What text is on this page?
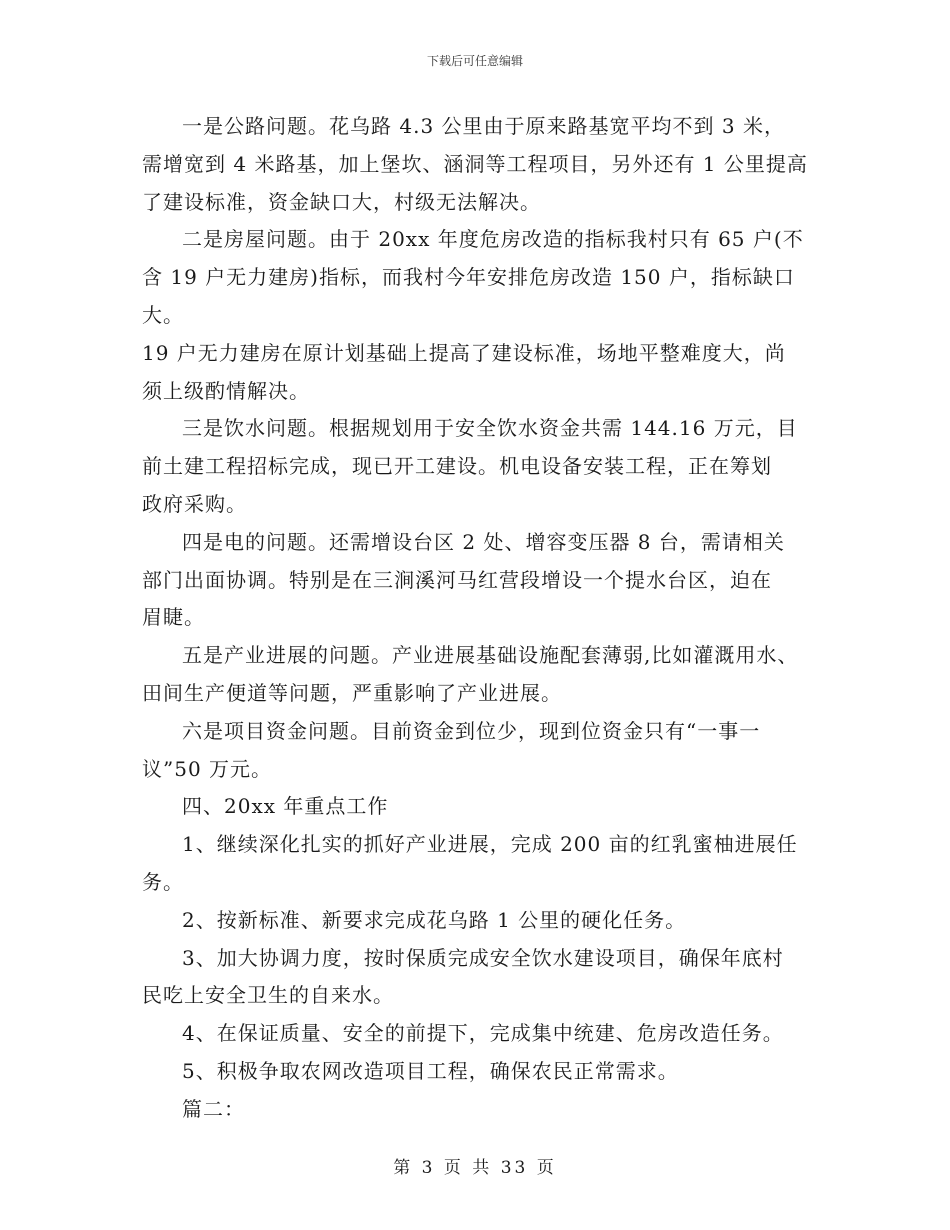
下载后可任意编辑
一是公路问题。花乌路 4.3 公里由于原来路基宽平均不到 3 米，
需增宽到 4 米路基，加上堡坎、涵洞等工程项目，另外还有 1 公里提高
了建设标准，资金缺口大，村级无法解决。
二是房屋问题。由于 20xx 年度危房改造的指标我村只有 65 户(不
含 19 户无力建房)指标，而我村今年安排危房改造 150 户，指标缺口大。
19 户无力建房在原计划基础上提高了建设标准，场地平整难度大，尚
须上级酌情解决。
三是饮水问题。根据规划用于安全饮水资金共需 144.16 万元，目
前土建工程招标完成，现已开工建设。机电设备安装工程，正在筹划
政府采购。
四是电的问题。还需增设台区 2 处、增容变压器 8 台，需请相关
部门出面协调。特别是在三涧溪河马红营段增设一个提水台区，迫在
眉睫。
五是产业进展的问题。产业进展基础设施配套薄弱,比如灌溉用水、
田间生产便道等问题，严重影响了产业进展。
六是项目资金问题。目前资金到位少，现到位资金只有“一事一
议”50 万元。
四、20xx 年重点工作
1、继续深化扎实的抓好产业进展，完成 200 亩的红乳蜜柚进展任
务。
2、按新标准、新要求完成花乌路 1 公里的硬化任务。
3、加大协调力度，按时保质完成安全饮水建设项目，确保年底村
民吃上安全卫生的自来水。
4、在保证质量、安全的前提下，完成集中统建、危房改造任务。
5、积极争取农网改造项目工程，确保农民正常需求。
篇二：
第 3 页 共 33 页
